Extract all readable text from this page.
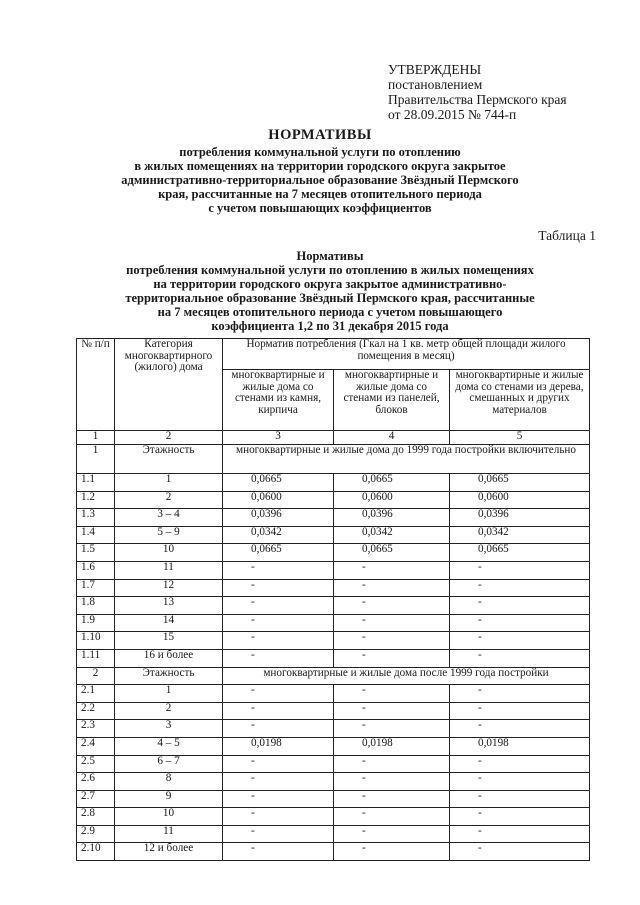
УТВЕРЖДЕНЫ
постановлением
Правительства Пермского края
от 28.09.2015 № 744-п
НОРМАТИВЫ
потребления коммунальной услуги по отоплению
в жилых помещениях на территории городского округа закрытое
административно-территориальное образование Звёздный Пермского
края, рассчитанные на 7 месяцев отопительного периода
с учетом повышающих коэффициентов
Таблица 1
Нормативы
потребления коммунальной услуги по отоплению в жилых помещениях
на территории городского округа закрытое административно-
территориальное образование Звёздный Пермского края, рассчитанные
на 7 месяцев отопительного периода с учетом повышающего
коэффициента 1,2 по 31 декабря 2015 года
№ п/п	Категория многоквартирного (жилого) дома	Норматив потребления (Гкал на 1 кв. метр общей площади жилого помещения в месяц)		
		многоквартирные и жилые дома со стенами из камня, кирпича	многоквартирные и жилые дома со стенами из панелей, блоков	многоквартирные и жилые дома со стенами из дерева, смешанных и других материалов
1	2	3	4	5
1	Этажность	многоквартирные и жилые дома до 1999 года постройки включительно		
1.1	1	0,0665	0,0665	0,0665
1.2	2	0,0600	0,0600	0,0600
1.3	3 – 4	0,0396	0,0396	0,0396
1.4	5 – 9	0,0342	0,0342	0,0342
1.5	10	0,0665	0,0665	0,0665
1.6	11	-	-	-
1.7	12	-	-	-
1.8	13	-	-	-
1.9	14	-	-	-
1.10	15	-	-	-
1.11	16 и более	-	-	-
2	Этажность	многоквартирные и жилые дома после 1999 года постройки		
2.1	1	-	-	-
2.2	2	-	-	-
2.3	3	-	-	-
2.4	4 – 5	0,0198	0,0198	0,0198
2.5	6 – 7	-	-	-
2.6	8	-	-	-
2.7	9	-	-	-
2.8	10	-	-	-
2.9	11	-	-	-
2.10	12 и более	-	-	-
